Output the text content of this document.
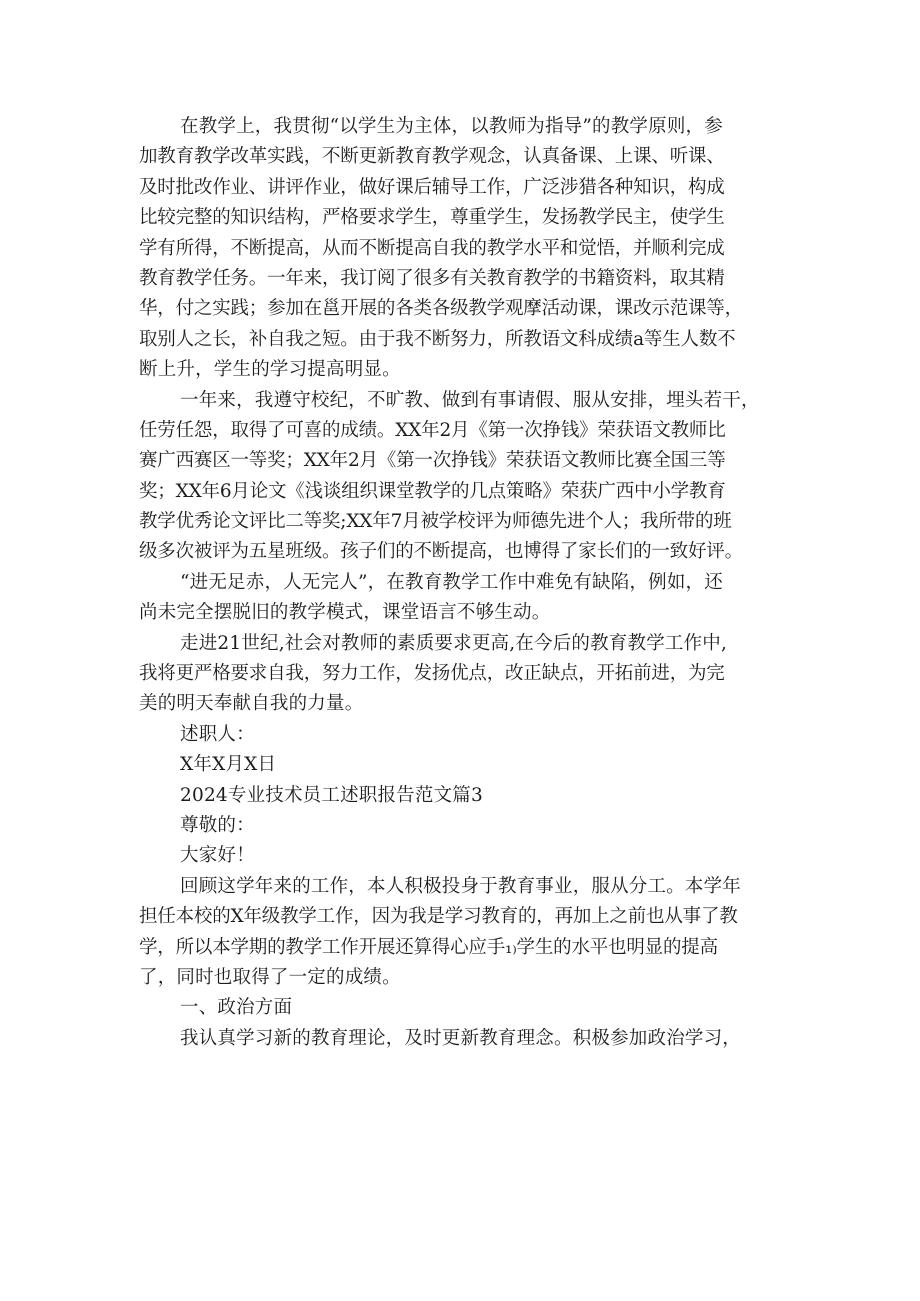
在教学上，我贯彻“以学生为主体，以教师为指导”的教学原则，参
加教育教学改革实践，不断更新教育教学观念，认真备课、上课、听课、
及时批改作业、讲评作业，做好课后辅导工作，广泛涉猎各种知识，构成
比较完整的知识结构，严格要求学生，尊重学生，发扬教学民主，使学生
学有所得，不断提高，从而不断提高自我的教学水平和觉悟，并顺利完成
教育教学任务。一年来，我订阅了很多有关教育教学的书籍资料，取其精
华，付之实践；参加在邕开展的各类各级教学观摩活动课，课改示范课等，
取别人之长，补自我之短。由于我不断努力，所教语文科成绩a等生人数不
断上升，学生的学习提高明显。
一年来，我遵守校纪，不旷教、做到有事请假、服从安排，埋头若干，
任劳任怨，取得了可喜的成绩。XX年2月《第一次挣钱》荣获语文教师比
赛广西赛区一等奖；XX年2月《第一次挣钱》荣获语文教师比赛全国三等
奖；XX年6月论文《浅谈组织课堂教学的几点策略》荣获广西中小学教育
教学优秀论文评比二等奖;XX年7月被学校评为师德先进个人；我所带的班
级多次被评为五星班级。孩子们的不断提高，也博得了家长们的一致好评。
“进无足赤，人无完人”，在教育教学工作中难免有缺陷，例如，还
尚未完全摆脱旧的教学模式，课堂语言不够生动。
走进21世纪,社会对教师的素质要求更高,在今后的教育教学工作中,
我将更严格要求自我，努力工作，发扬优点，改正缺点，开拓前进，为完
美的明天奉献自我的力量。
述职人：
X年X月X日
2024专业技术员工述职报告范文篇3
尊敬的：
大家好！
回顾这学年来的工作，本人积极投身于教育事业，服从分工。本学年
担任本校的X年级教学工作，因为我是学习教育的，再加上之前也从事了教
学，所以本学期的教学工作开展还算得心应手₁₎学生的水平也明显的提高
了，同时也取得了一定的成绩。
一、政治方面
我认真学习新的教育理论，及时更新教育理念。积极参加政治学习，
